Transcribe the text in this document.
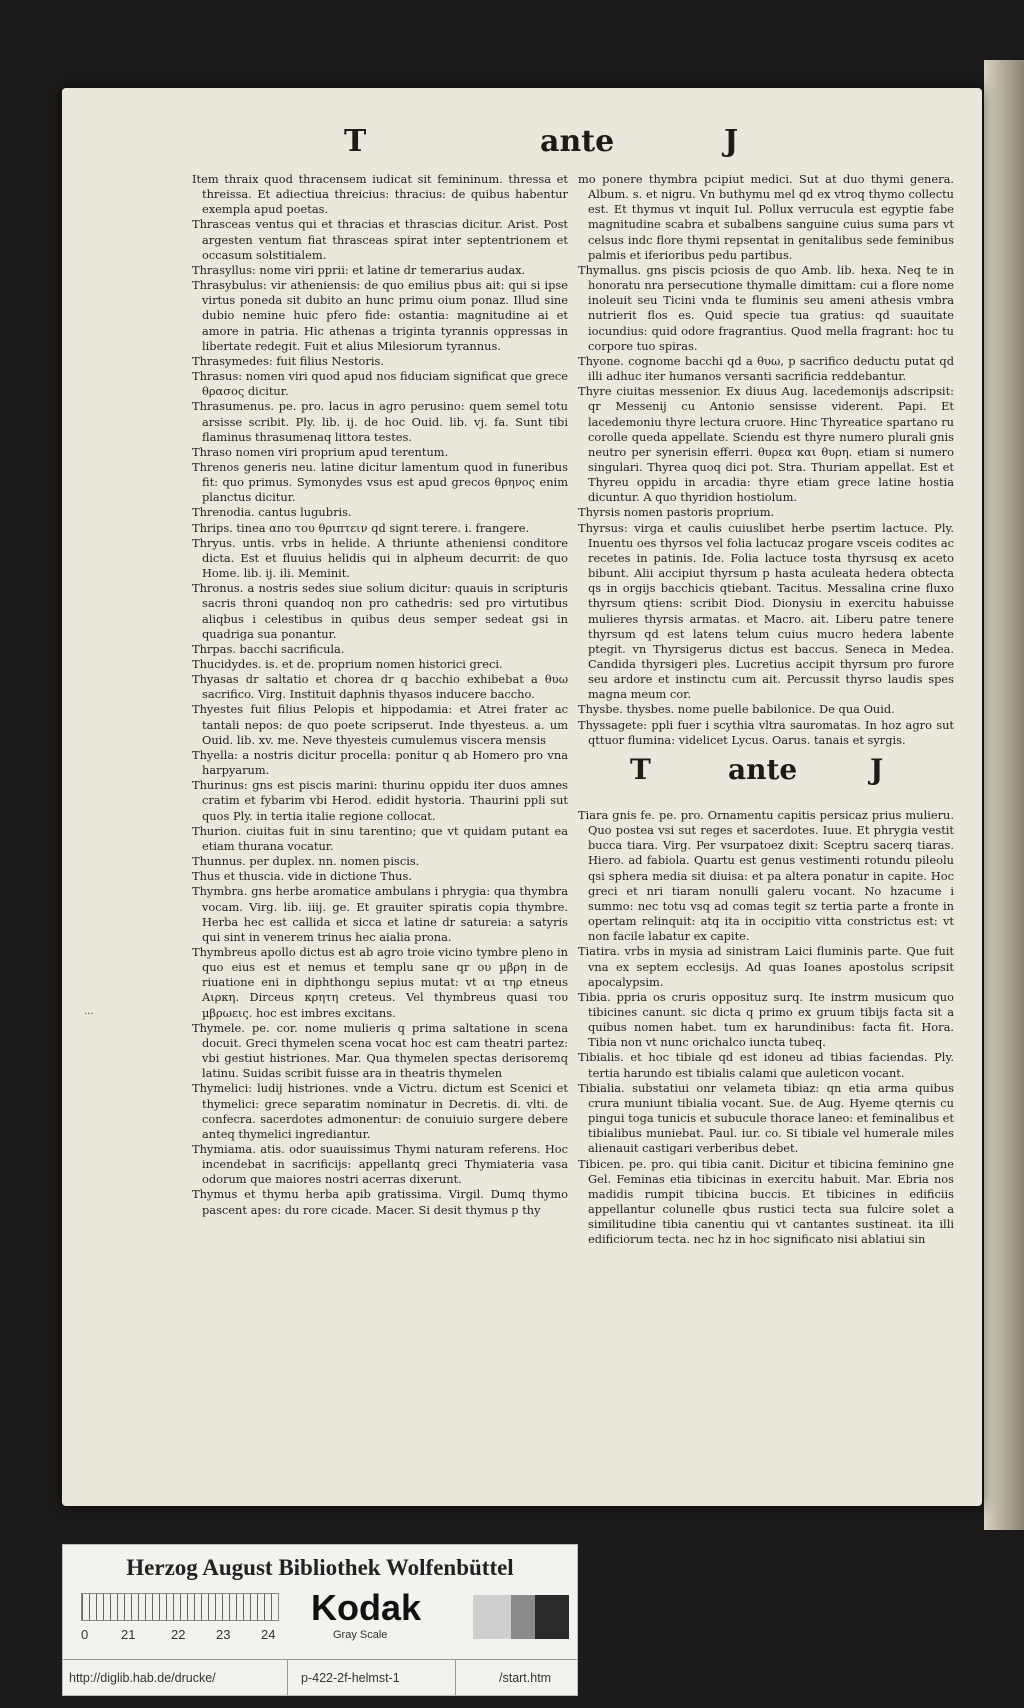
T	ante	J
Item thraix quod thracensem iudicat sit femininum. thressa et threissa. Et adiectiua threicius: thracius: de quibus habentur exempla apud poetas.
Thrasceas ventus qui et thracias et thrascias dicitur. Arist. Post argesten ventum fiat thrasceas spirat inter septentrionem et occasum solstitialem.
Thrasyllus: nome viri pprii: et latine dr temerarius audax.
Thrasybulus: vir atheniensis: de quo emilius pbus ait: qui si ipse virtus poneda sit dubito an hunc primu oium ponaz. Illud sine dubio nemine huic pfero fide: ostantia: magnitudine ai et amore in patria. Hic athenas a triginta tyrannis oppressas in libertate redegit. Fuit et alius Milesiorum tyrannus.
Thrasymedes: fuit filius Nestoris.
Thrasus: nomen viri quod apud nos fiduciam significat que grece θρασος dicitur.
Thrasumenus. pe. pro. lacus in agro perusino: quem semel totu arsisse scribit. Ply. lib. ij. de hoc Ouid. lib. vj. fa. Sunt tibi flaminus thrasumenaq littora testes.
Thraso nomen viri proprium apud terentum.
Threnos generis neu. latine dicitur lamentum quod in funeribus fit: quo primus. Symonydes vsus est apud grecos θρηνος enim planctus dicitur.
Threnodia. cantus lugubris.
Thrips. tinea απο του θριπτειν qd signt terere. i. frangere.
Thryus. untis. vrbs in helide. A thriunte atheniensi conditore dicta. Est et fluuius helidis qui in alpheum decurrit: de quo Home. lib. ij. ili. Meminit.
Thronus. a nostris sedes siue solium dicitur: quauis in scripturis sacris throni quandoq non pro cathedris: sed pro virtutibus aliqbus i celestibus in quibus deus semper sedeat gsi in quadriga sua ponantur.
Thrpas. bacchi sacrificula.
Thucidydes. is. et de. proprium nomen historici greci.
Thyasas dr saltatio et chorea dr q bacchio exhibebat a θυω sacrifico. Virg. Instituit daphnis thyasos inducere baccho.
Thyestes fuit filius Pelopis et hippodamia: et Atrei frater ac tantali nepos: de quo poete scripserut. Inde thyesteus. a. um Ouid. lib. xv. me. Neve thyesteis cumulemus viscera mensis
Thyella: a nostris dicitur procella: ponitur q ab Homero pro vna harpyarum.
Thurinus: gns est piscis marini: thurinu oppidu iter duos amnes cratim et fybarim vbi Herod. edidit hystoria. Thaurini ppli sut quos Ply. in tertia italie regione collocat.
Thurion. ciuitas fuit in sinu tarentino; que vt quidam putant ea etiam thurana vocatur.
Thunnus. per duplex. nn. nomen piscis.
Thus et thuscia. vide in dictione Thus.
Thymbra. gns herbe aromatice ambulans i phrygia: qua thymbra vocam. Virg. lib. iiij. ge. Et grauiter spiratis copia thymbre. Herba hec est callida et sicca et latine dr satureia: a satyris qui sint in venerem trinus hec aialia prona.
Thymbreus apollo dictus est ab agro troie vicino tymbre pleno in quo eius est et nemus et templu sane qr ου µβρη in de riuatione eni in diphthongu sepius mutat: vt αι τηρ etneus Αιρκη. Dirceus κρητη creteus. Vel thymbreus quasi του µβρωεις. hoc est imbres excitans.
Thymele. pe. cor. nome mulieris q prima saltatione in scena docuit. Greci thymelen scena vocat hoc est cam theatri partez: vbi gestiut histriones. Mar. Qua thymelen spectas derisoremq latinu. Suidas scribit fuisse ara in theatris thymelen
Thymelici: ludij histriones. vnde a Victru. dictum est Scenici et thymelici: grece separatim nominatur in Decretis. di. vlti. de confecra. sacerdotes admonentur: de conuiuio surgere debere anteq thymelici ingrediantur.
Thymiama. atis. odor suauissimus Thymi naturam referens. Hoc incendebat in sacrificijs: appellantq greci Thymiateria vasa odorum que maiores nostri acerras dixerunt.
Thymus et thymu herba apib gratissima. Virgil. Dumq thymo pascent apes: du rore cicade. Macer. Si desit thymus p thy
mo ponere thymbra pcipiut medici. Sut at duo thymi genera. Album. s. et nigru. Vn buthymu mel qd ex vtroq thymo collectu est. Et thymus vt inquit Iul. Pollux verrucula est egyptie fabe magnitudine scabra et subalbens sanguine cuius suma pars vt celsus indc flore thymi repsentat in genitalibus sede feminibus palmis et iferioribus pedu partibus.
Thymallus. gns piscis pciosis de quo Amb. lib. hexa. Neq te in honoratu nra persecutione thymalle dimittam: cui a flore nome inoleuit seu Ticini vnda te fluminis seu ameni athesis vmbra nutrierit flos es. Quid specie tua gratius: qd suauitate iocundius: quid odore fragrantius. Quod mella fragrant: hoc tu corpore tuo spiras.
Thyone. cognome bacchi qd a θυω, p sacrifico deductu putat qd illi adhuc iter humanos versanti sacrificia reddebantur.
Thyre ciuitas messenior. Ex diuus Aug. lacedemonijs adscripsit: qr Messenij cu Antonio sensisse viderent. Papi. Et lacedemoniu thyre lectura cruore. Hinc Thyreatice spartano ru corolle queda appellate. Sciendu est thyre numero plurali gnis neutro per synerisin efferri. θυρεα και θυρη. etiam si numero singulari. Thyrea quoq dici pot. Stra. Thuriam appellat. Est et Thyreu oppidu in arcadia: thyre etiam grece latine hostia dicuntur. A quo thyridion hostiolum.
Thyrsis nomen pastoris proprium.
Thyrsus: virga et caulis cuiuslibet herbe psertim lactuce. Ply. Inuentu oes thyrsos vel folia lactucaz progare vsceis codites ac recetes in patinis. Ide. Folia lactuce tosta thyrsusq ex aceto bibunt. Alii accipiut thyrsum p hasta aculeata hedera obtecta qs in orgijs bacchicis qtiebant. Tacitus. Messalina crine fluxo thyrsum qtiens: scribit Diod. Dionysiu in exercitu habuisse mulieres thyrsis armatas. et Macro. ait. Liberu patre tenere thyrsum qd est latens telum cuius mucro hedera labente ptegit. vn Thyrsigerus dictus est baccus. Seneca in Medea. Candida thyrsigeri ples. Lucretius accipit thyrsum pro furore seu ardore et instinctu cum ait. Percussit thyrso laudis spes magna meum cor.
Thysbe. thysbes. nome puelle babilonice. De qua Ouid.
Thyssagete: ppli fuer i scythia vltra sauromatas. In hoz agro sut qttuor flumina: videlicet Lycus. Oarus. tanais et syrgis.
T	ante	J
Tiara gnis fe. pe. pro. Ornamentu capitis persicaz prius mulieru. Quo postea vsi sut reges et sacerdotes. Iuue. Et phrygia vestit bucca tiara. Virg. Per vsurpatoez dixit: Sceptru sacerq tiaras. Hiero. ad fabiola. Quartu est genus vestimenti rotundu pileolu qsi sphera media sit diuisa: et pa altera ponatur in capite. Hoc greci et nri tiaram nonulli galeru vocant. No hzacume i summo: nec totu vsq ad comas tegit sz tertia parte a fronte in opertam relinquit: atq ita in occipitio vitta constrictus est: vt non facile labatur ex capite.
Tiatira. vrbs in mysia ad sinistram Laici fluminis parte. Que fuit vna ex septem ecclesijs. Ad quas Ioanes apostolus scripsit apocalypsim.
Tibia. ppria os cruris opposituz surq. Ite instrm musicum quo tibicines canunt. sic dicta q primo ex gruum tibijs facta sit a quibus nomen habet. tum ex harundinibus: facta fit. Hora. Tibia non vt nunc orichalco iuncta tubeq.
Tibialis. et hoc tibiale qd est idoneu ad tibias faciendas. Ply. tertia harundo est tibialis calami que auleticon vocant.
Tibialia. substatiui onr velameta tibiaz: qn etia arma quibus crura muniunt tibialia vocant. Sue. de Aug. Hyeme qternis cu pingui toga tunicis et subucule thorace laneo: et feminalibus et tibialibus muniebat. Paul. iur. co. Si tibiale vel humerale miles alienauit castigari verberibus debet.
Tibicen. pe. pro. qui tibia canit. Dicitur et tibicina feminino gne Gel. Feminas etia tibicinas in exercitu habuit. Mar. Ebria nos madidis rumpit tibicina buccis. Et tibicines in edificiis appellantur colunelle qbus rustici tecta sua fulcire solet a similitudine tibia canentiu qui vt cantantes sustineat. ita illi edificiorum tecta. nec hz in hoc significato nisi ablatiui sin
...
Herzog August Bibliothek Wolfenbüttel
0	21	22 23 24
Kodak
Gray Scale
http://diglib.hab.de/drucke/	p-422-2f-helmst-1	/start.htm
